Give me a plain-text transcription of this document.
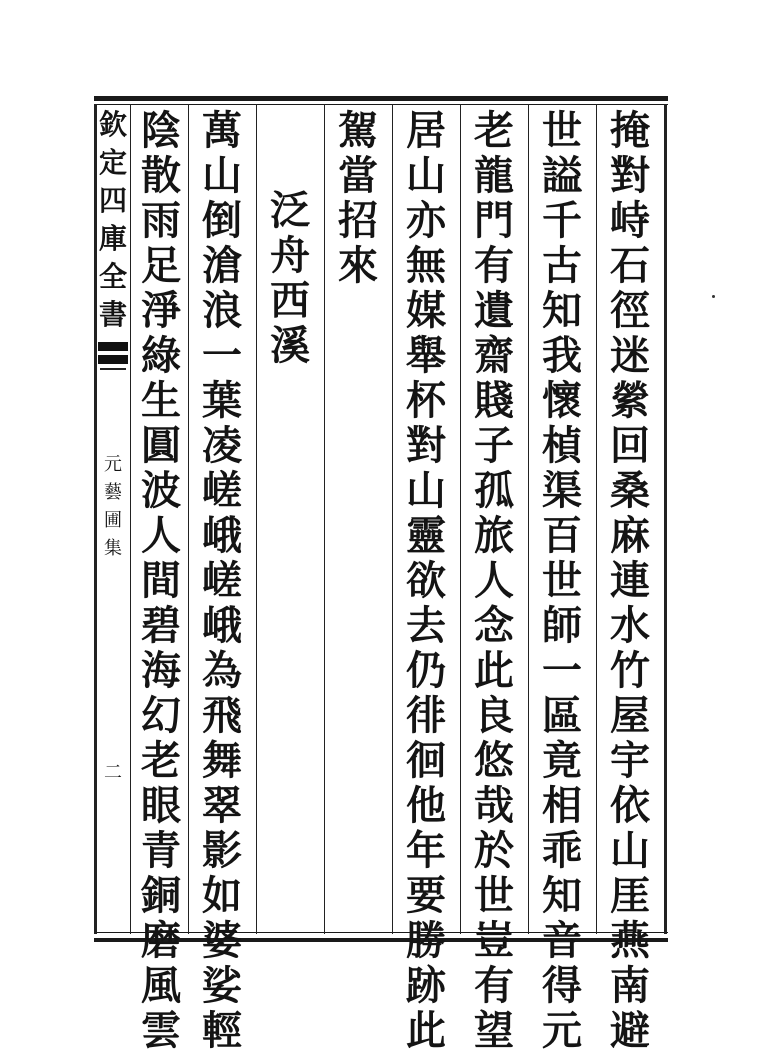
欽
定
四
庫
全
書
元
藝
圃
集
二
掩
對
峙
石
徑
迷
縈
回
桑
麻
連
水
竹
屋
宇
依
山
厓
燕
南
避
世
謚
千
古
知
我
懷
楨
渠
百
世
師
一
區
竟
相
乖
知
音
得
元
老
龍
門
有
遺
齋
賤
子
孤
旅
人
念
此
良
悠
哉
於
世
豈
有
望
居
山
亦
無
媒
舉
杯
對
山
靈
欲
去
仍
徘
徊
他
年
要
勝
跡
此
駕
當
招
來
泛
舟
西
溪
萬
山
倒
滄
浪
一
葉
凌
嵯
峨
嵯
峨
為
飛
舞
翠
影
如
婆
娑
輕
陰
散
雨
足
淨
綠
生
圓
波
人
間
碧
海
幻
老
眼
青
銅
磨
風
雲
